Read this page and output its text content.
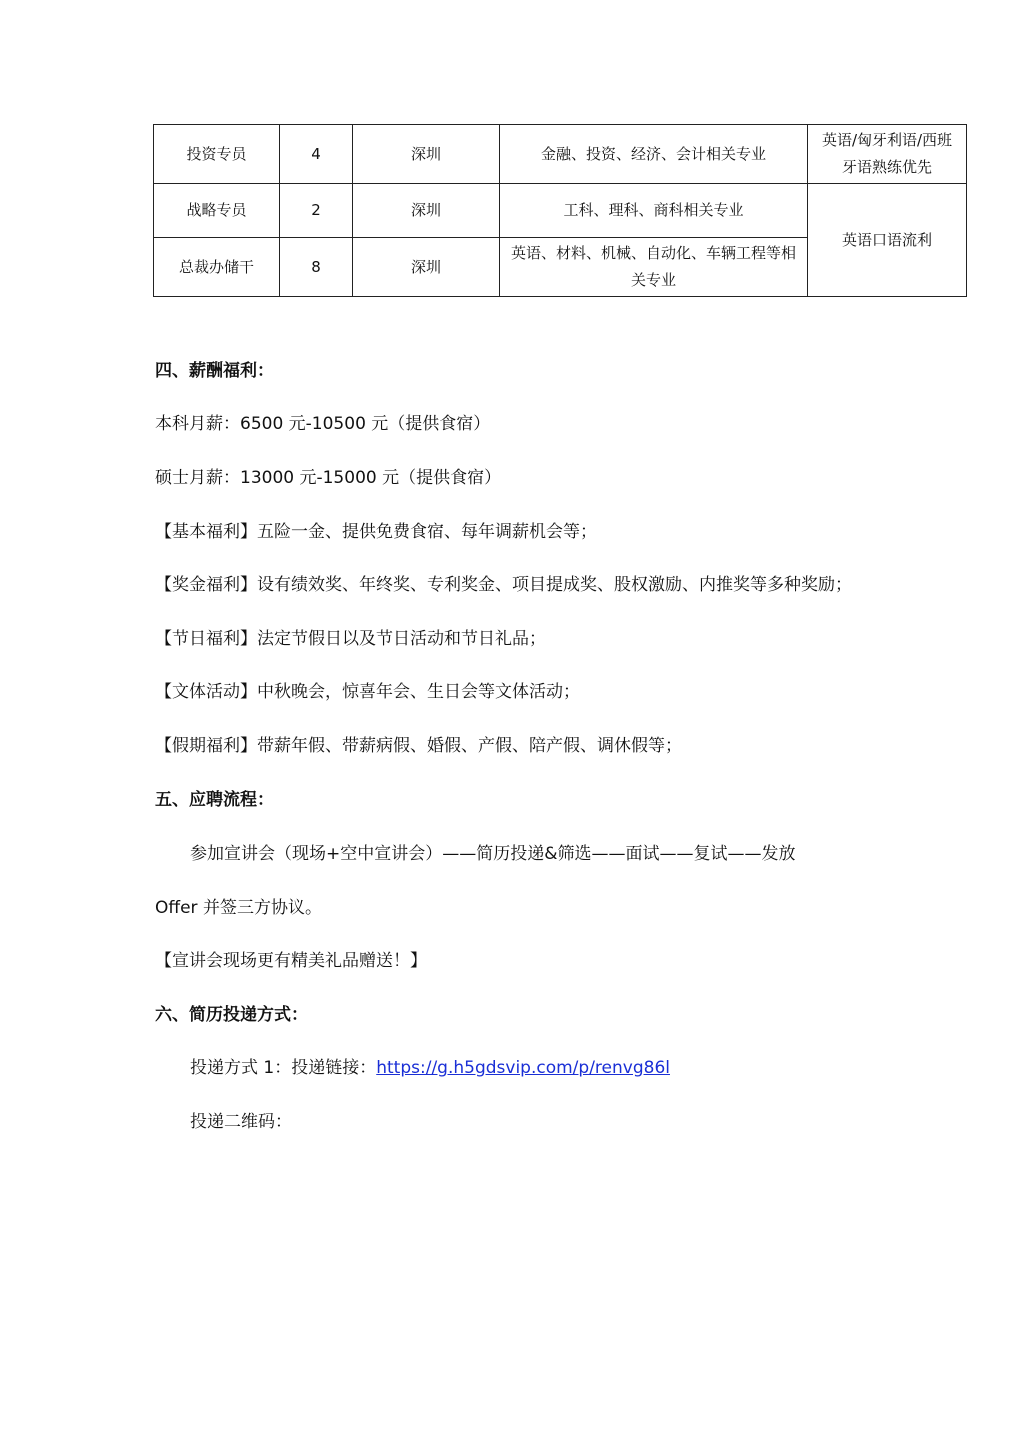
投资专员	4	深圳	金融、投资、经济、会计相关专业	英语/匈牙利语/西班
牙语熟练优先

战略专员	2	深圳	工科、理科、商科相关专业	英语口语流利
总裁办储干	8	深圳	英语、材料、机械、自动化、车辆工程等相
关专业	
四、薪酬福利：
本科月薪：6500 元-10500 元（提供食宿）
硕士月薪：13000 元-15000 元（提供食宿）
【基本福利】五险一金、提供免费食宿、每年调薪机会等；
【奖金福利】设有绩效奖、年终奖、专利奖金、项目提成奖、股权激励、内推奖等多种奖励；
【节日福利】法定节假日以及节日活动和节日礼品；
【文体活动】中秋晚会，惊喜年会、生日会等文体活动；
【假期福利】带薪年假、带薪病假、婚假、产假、陪产假、调休假等；
五、应聘流程：
参加宣讲会（现场+空中宣讲会）——简历投递&筛选——面试——复试——发放
Offer 并签三方协议。
【宣讲会现场更有精美礼品赠送！】
六、简历投递方式：
投递方式 1：投递链接：https://g.h5gdsvip.com/p/renvg86l
投递二维码：
